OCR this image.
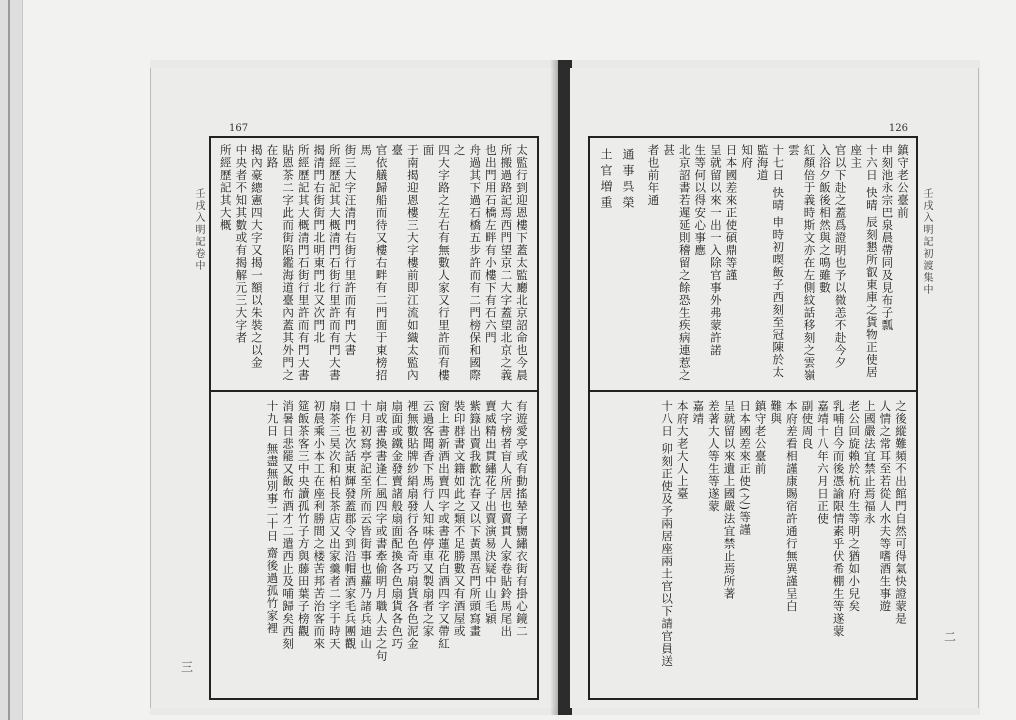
167
壬戌入明記卷中	太監行到迎恩樓下蓋太監廳北京詔命也今晨
所搬過路記焉西門望京二大字蓋望北京之義
也出門用石橋左畔有小樓下有石六門
舟過其下過石橋五步許而有二門榜保和國際之
四大字路之左右有無數人家又行里許而有樓面
于南揭迎恩樓三大字樓前即江流如織太監內臺
官依艤歸船而待又樓右畔有二門面于東榜招馬
街三大字汪清門右街行里許而有門大書
所經歷記其大概清門石街行里許而有門大書
揭清門右街街門北明東門北又次門北
所經歷記其大概清門石街行里許而有門大書
貼恩茶二字此而街陷鑑海道臺內蓋其外門之在路
揭內豪總憲四大字又揭一額以朱裝之以金
中央者不知其數或有揭解元三大字者
所經歷記其大概

有遊愛亭或有動搖辇子嬲繡衣街有掛心鏡二
大字榜者盲人所居也賣貫人家卷貼鈴馬尾出
賣威精出貫繡花子出賣演易決疑中山毛穎
紫籙出賣我歡沈春又以下黃黑吾門所頭寫畫
裝印群書文籍如此之類不足勝數又有酒屋或
窗上書新酒出賣四字或書蓮花白酒四字又帶紅
云過客聞香下馬行人知味停車又製扇者之家
裡無數貼牌紗絹扇發行各色奇巧扇貨各色泥金
扇面或鐵金發賣諸般扇面配換各色扇貨各色巧
扇或書換書逢仁風四字或書牽偷明月職人去之句
十月初寫亭記至所而云皆街事也蘿乃諸兵迪山
口作也次話東輝發蓋郡令到沿帽酒家毛兵團觀
扇茶三昊次和柏長茶店又出家羹者二字于時天
初晨乘小本工在座利勝間之楼苦邦苦治客而來
筵飯茶客三中央讀孤竹子方與藤田葉子榜觀
消暑日悲罷又飯布酒才二遣西止及哺歸矣西刻
十九日 無盡無別事二十日 齋後過孤竹家裡
三
126
壬戌入明記初渡集中
土官増重 通事呉榮	鎮守老公臺前
申刻池永宗巴泉晨帶同及見布子瓢
十六日 快晴 辰刻懇所叡東庫之貨物正使居座主
官以下赴之蓋爲證明也予以微恙不赴今夕
入浴夕飯後相然與之鳴雖數
紅顏倍于義時斯文亦在左側紋話移刻之雲嶺雲
十七日 快晴 申時初喫飯子西刻至冠陳於太監海道
知府
日本國差來正使碩鼎等謹
呈就留以來一出一入除官事外弗蒙許諾
生等何以得安心事應
北京詔書若遲延則稽留之餘恐生疾病連惹之甚
者也前年通

之後縱難頻不出館門自然可得氣快證蒙是
人情之常耳至若從人水夫等嗜酒生事遊
上國嚴法宜禁止焉福永
老公回旋賴於杭府生等明之猶如小兒矣
乳哺自今而後憑諭限情素乎伏希棚生等遂蒙
嘉靖十八年六月日正使
副使周良
本府差看相謹康賜宿許通行無異謹呈白
難與
鎮守老公臺前
日本國差來正使(之)等謹
呈就留以來遺上國嚴法宜禁止焉所著
差著大人等生等遂蒙
嘉靖
本府大老大人上臺
十八日 卯刻正使及予兩居座兩土官以下請官員送	二
